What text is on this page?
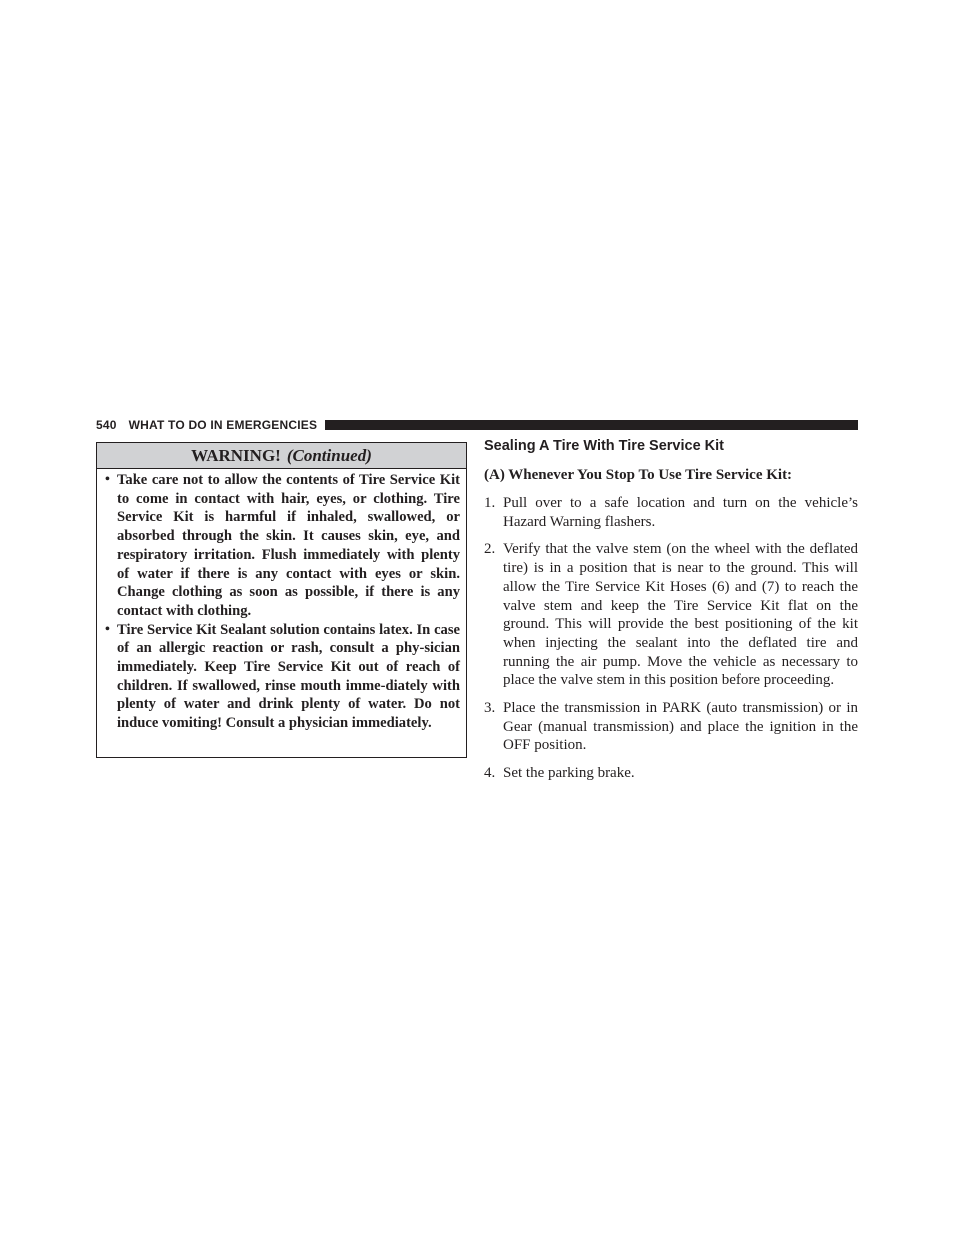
540 WHAT TO DO IN EMERGENCIES
WARNING! (Continued)
• Take care not to allow the contents of Tire Service Kit to come in contact with hair, eyes, or clothing. Tire Service Kit is harmful if inhaled, swallowed, or absorbed through the skin. It causes skin, eye, and respiratory irritation. Flush immediately with plenty of water if there is any contact with eyes or skin. Change clothing as soon as possible, if there is any contact with clothing.
• Tire Service Kit Sealant solution contains latex. In case of an allergic reaction or rash, consult a phy-sician immediately. Keep Tire Service Kit out of reach of children. If swallowed, rinse mouth imme-diately with plenty of water and drink plenty of water. Do not induce vomiting! Consult a physician immediately.
Sealing A Tire With Tire Service Kit
(A) Whenever You Stop To Use Tire Service Kit:
1. Pull over to a safe location and turn on the vehicle’s Hazard Warning flashers.
2. Verify that the valve stem (on the wheel with the deflated tire) is in a position that is near to the ground. This will allow the Tire Service Kit Hoses (6) and (7) to reach the valve stem and keep the Tire Service Kit flat on the ground. This will provide the best positioning of the kit when injecting the sealant into the deflated tire and running the air pump. Move the vehicle as necessary to place the valve stem in this position before proceeding.
3. Place the transmission in PARK (auto transmission) or in Gear (manual transmission) and place the ignition in the OFF position.
4. Set the parking brake.
